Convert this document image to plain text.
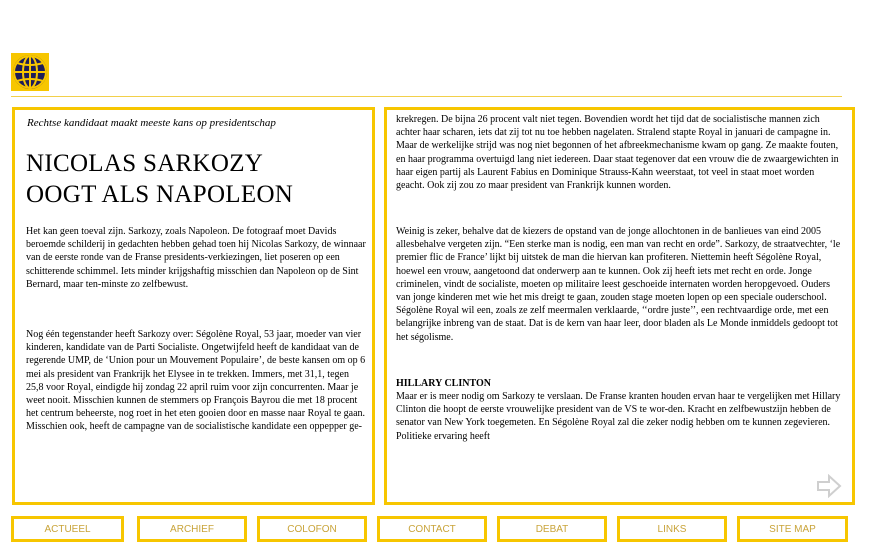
Rechtse kandidaat maakt meeste kans op presidentschap
NICOLAS SARKOZY
OOGT ALS NAPOLEON

Het kan geen toeval zijn. Sarkozy, zoals Napoleon. De fotograaf moet Davids beroemde schilderij in gedachten hebben gehad toen hij Nicolas Sarkozy, de winnaar van de eerste ronde van de Franse presidents-verkiezingen, liet poseren op een schitterende schimmel. Iets minder krijgshaftig misschien dan Napoleon op de Sint Bernard, maar ten-minste zo zelfbewust.

Nog één tegenstander heeft Sarkozy over: Ségolène Royal, 53 jaar, moeder van vier kinderen, kandidate van de Parti Socialiste. Ongetwijfeld heeft de kandidaat van de regerende UMP, de ‘Union pour un Mouvement Populaire’, de beste kansen om op 6 mei als president van Frankrijk het Elysee in te trekken. Immers, met 31,1, tegen 25,8 voor Royal, eindigde hij zondag 22 april ruim voor zijn concurrenten. Maar je weet nooit. Misschien kunnen de stemmers op François Bayrou die met 18 procent het centrum beheerste, nog roet in het eten gooien door en masse naar Royal te gaan. Misschien ook, heeft de campagne van de socialistische kandidate een oppepper ge-

krekregen. De bijna 26 procent valt niet tegen. Bovendien wordt het tijd dat de socialistische mannen zich achter haar scharen, iets dat zij tot nu toe hebben nagelaten. Stralend stapte Royal in januari de campagne in. Maar de werkelijke strijd was nog niet begonnen of het afbreekmechanisme kwam op gang. Ze maakte fouten, en haar programma overtuigd lang niet iedereen. Daar staat tegenover dat een vrouw die de zwaargewichten in haar eigen partij als Laurent Fabius en Dominique Strauss-Kahn weerstaat, tot veel in staat moet worden geacht. Ook zij zou zo maar president van Frankrijk kunnen worden.

Weinig is zeker, behalve dat de kiezers de opstand van de jonge allochtonen in de banlieues van eind 2005 allesbehalve vergeten zijn. “Een sterke man is nodig, een man van recht en orde”. Sarkozy, de straatvechter, ‘le premier flic de France’ lijkt bij uitstek de man die hiervan kan profiteren. Niettemin heeft Ségolène Royal, hoewel een vrouw, aangetoond dat onderwerp aan te kunnen. Ook zij heeft iets met recht en orde. Jonge criminelen, vindt de socialiste, moeten op militaire leest geschoeide internaten worden heropgevoed. Ouders van jonge kinderen met wie het mis dreigt te gaan, zouden stage moeten lopen op een speciale ouderschool. Ségolène Royal wil een, zoals ze zelf meermalen verklaarde, ‘‘ordre juste’’, een rechtvaardige orde, met een belangrijke inbreng van de staat. Dat is de kern van haar leer, door bladen als Le Monde inmiddels gedoopt tot het ségolisme.

HILLARY CLINTON

Maar er is meer nodig om Sarkozy te verslaan. De Franse kranten houden ervan haar te vergelijken met Hillary Clinton die hoopt de eerste vrouwelijke president van de VS te wor-den. Kracht en zelfbewustzijn hebben de senator van New York toegemeten. En Ségolène Royal zal die zeker nodig hebben om te kunnen zegevieren. Politieke ervaring heeft

ACTUEEL	ARCHIEF	COLOFON	CONTACT	DEBAT	LINKS	SITE MAP
